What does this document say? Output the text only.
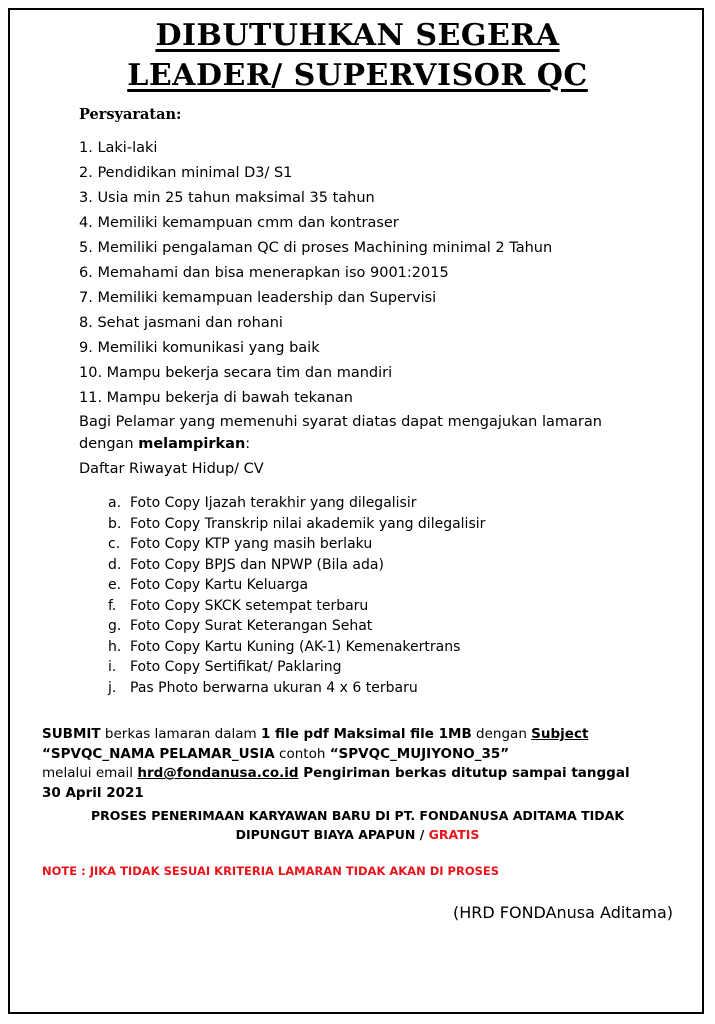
DIBUTUHKAN SEGERA
LEADER/ SUPERVISOR QC
Persyaratan:
1. Laki-laki
2. Pendidikan minimal D3/ S1
3. Usia min 25 tahun maksimal 35 tahun
4. Memiliki kemampuan cmm dan kontraser
5. Memiliki pengalaman QC di proses Machining minimal 2 Tahun
6. Memahami dan bisa menerapkan iso 9001:2015
7. Memiliki kemampuan leadership dan Supervisi
8. Sehat jasmani dan rohani
9. Memiliki komunikasi yang baik
10. Mampu bekerja secara tim dan mandiri
11. Mampu bekerja di bawah tekanan
Bagi Pelamar yang memenuhi syarat diatas dapat mengajukan lamaran dengan melampirkan:
Daftar Riwayat Hidup/ CV
a. Foto Copy Ijazah terakhir yang dilegalisir
b. Foto Copy Transkrip nilai akademik yang dilegalisir
c. Foto Copy KTP yang masih berlaku
d. Foto Copy BPJS dan NPWP (Bila ada)
e. Foto Copy Kartu Keluarga
f. Foto Copy SKCK setempat terbaru
g. Foto Copy Surat Keterangan Sehat
h. Foto Copy Kartu Kuning (AK-1) Kemenakertrans
i. Foto Copy Sertifikat/ Paklaring
j. Pas Photo berwarna ukuran 4 x 6 terbaru
SUBMIT berkas lamaran dalam 1 file pdf Maksimal file 1MB dengan Subject
“SPVQC_NAMA PELAMAR_USIA contoh “SPVQC_MUJIYONO_35”
melalui email hrd@fondanusa.co.id Pengiriman berkas ditutup sampai tanggal
30 April 2021
PROSES PENERIMAAN KARYAWAN BARU DI PT. FONDANUSA ADITAMA TIDAK
DIPUNGUT BIAYA APAPUN / GRATIS
NOTE : JIKA TIDAK SESUAI KRITERIA LAMARAN TIDAK AKAN DI PROSES
(HRD FONDAnusa Aditama)
